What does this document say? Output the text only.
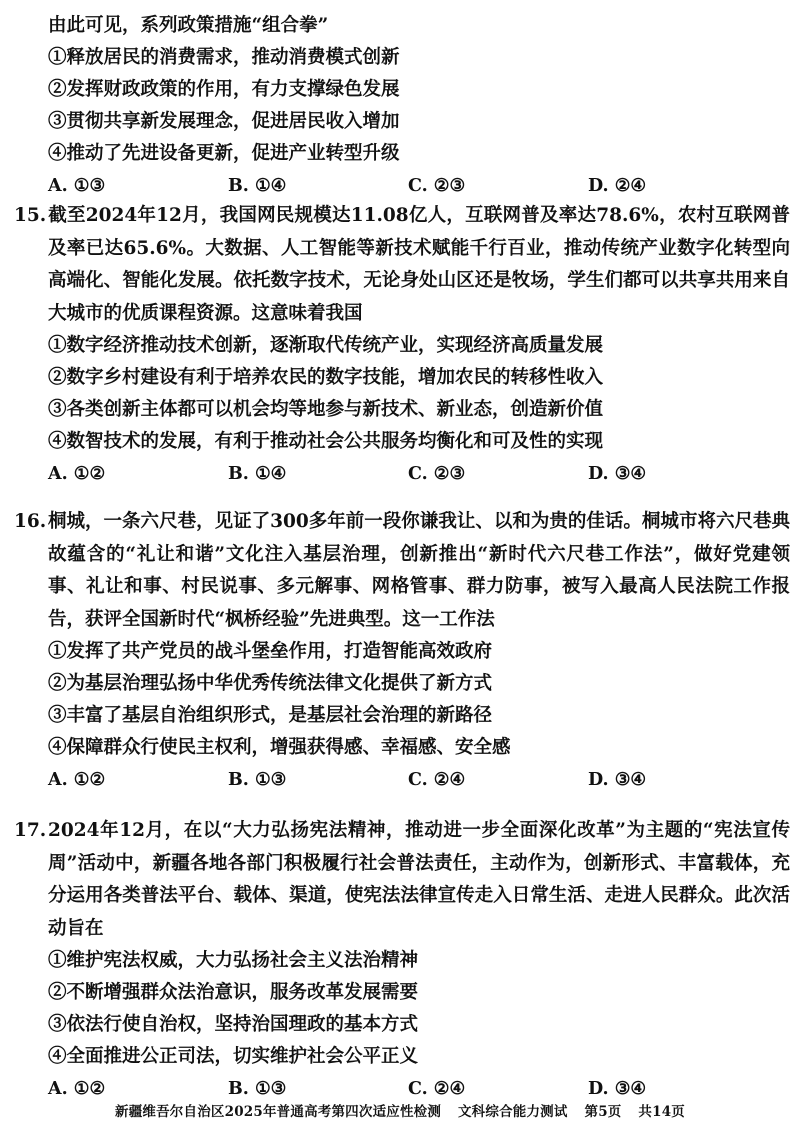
由此可见，系列政策措施“组合拳”
①释放居民的消费需求，推动消费模式创新
②发挥财政政策的作用，有力支撑绿色发展
③贯彻共享新发展理念，促进居民收入增加
④推动了先进设备更新，促进产业转型升级
A. ①③	B. ①④	C. ②③	D. ②④
15.截至2024年12月，我国网民规模达11.08亿人，互联网普及率达78.6%，农村互联网普及率已达65.6%。大数据、人工智能等新技术赋能千行百业，推动传统产业数字化转型向高端化、智能化发展。依托数字技术，无论身处山区还是牧场，学生们都可以共享共用来自大城市的优质课程资源。这意味着我国
①数字经济推动技术创新，逐渐取代传统产业，实现经济高质量发展
②数字乡村建设有利于培养农民的数字技能，增加农民的转移性收入
③各类创新主体都可以机会均等地参与新技术、新业态，创造新价值
④数智技术的发展，有利于推动社会公共服务均衡化和可及性的实现
A. ①②	B. ①④	C. ②③	D. ③④
16.桐城，一条六尺巷，见证了300多年前一段你谦我让、以和为贵的佳话。桐城市将六尺巷典故蕴含的“礼让和谐”文化注入基层治理，创新推出“新时代六尺巷工作法”，做好党建领事、礼让和事、村民说事、多元解事、网格管事、群力防事，被写入最高人民法院工作报告，获评全国新时代“枫桥经验”先进典型。这一工作法
①发挥了共产党员的战斗堡垒作用，打造智能高效政府
②为基层治理弘扬中华优秀传统法律文化提供了新方式
③丰富了基层自治组织形式，是基层社会治理的新路径
④保障群众行使民主权利，增强获得感、幸福感、安全感
A. ①②	B. ①③	C. ②④	D. ③④
17.2024年12月，在以“大力弘扬宪法精神，推动进一步全面深化改革”为主题的“宪法宣传周”活动中，新疆各地各部门积极履行社会普法责任，主动作为，创新形式、丰富载体，充分运用各类普法平台、载体、渠道，使宪法法律宣传走入日常生活、走进人民群众。此次活动旨在
①维护宪法权威，大力弘扬社会主义法治精神
②不断增强群众法治意识，服务改革发展需要
③依法行使自治权，坚持治国理政的基本方式
④全面推进公正司法，切实维护社会公平正义
A. ①②	B. ①③	C. ②④	D. ③④
新疆维吾尔自治区2025年普通高考第四次适应性检测 文科综合能力测试 第5页 共14页
